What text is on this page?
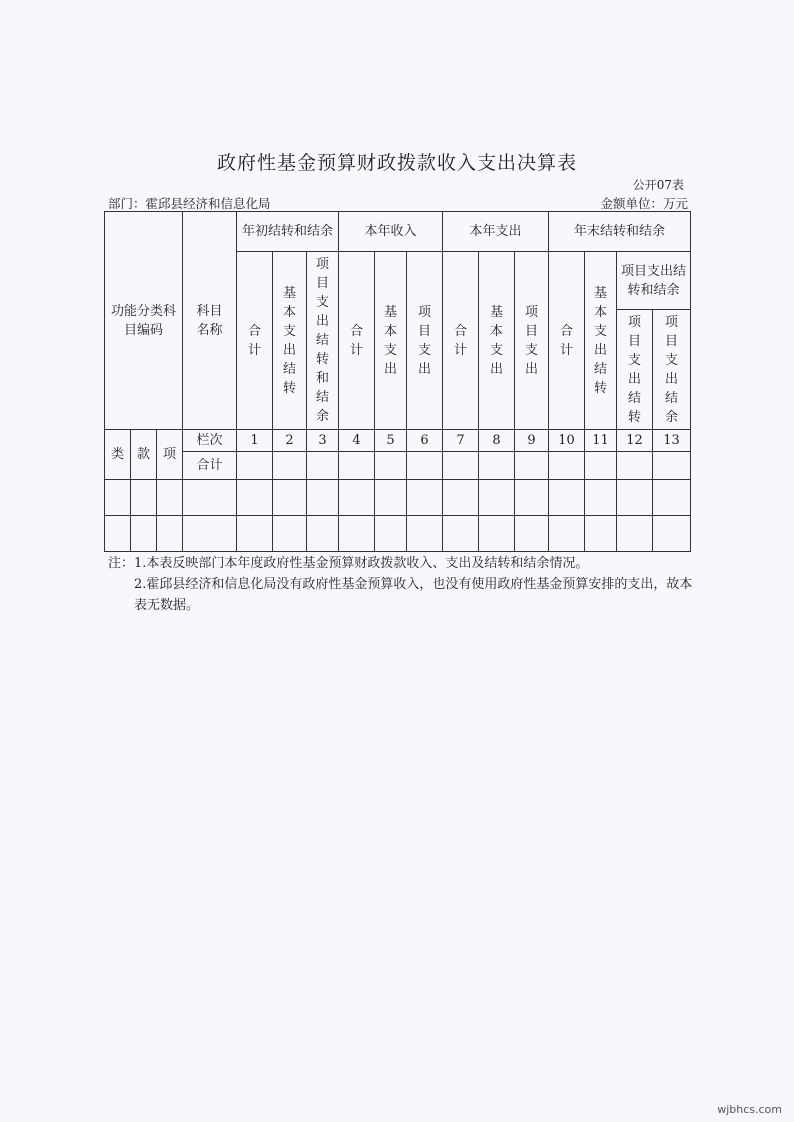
政府性基金预算财政拨款收入支出决算表
公开07表
部门：霍邱县经济和信息化局	金额单位：万元
功能分类科目编码			科目名称	年初结转和结余			本年收入			本年支出			年末结转和结余			
				合计	基本支出结转	项目支出结转和结余	合计	基本支出	项目支出	合计	基本支出	项目支出	合计	基本支出结转	项目支出结转和结余	

															项目支出结转	项目支出结余
类	款	项	栏次	1	2	3	4	5	6	7	8	9	10	11	12	13
			合计													

注：1.本表反映部门本年度政府性基金预算财政拨款收入、支出及结转和结余情况。
2.霍邱县经济和信息化局没有政府性基金预算收入，也没有使用政府性基金预算安排的支出，故本表无数据。
wjbhcs.com
